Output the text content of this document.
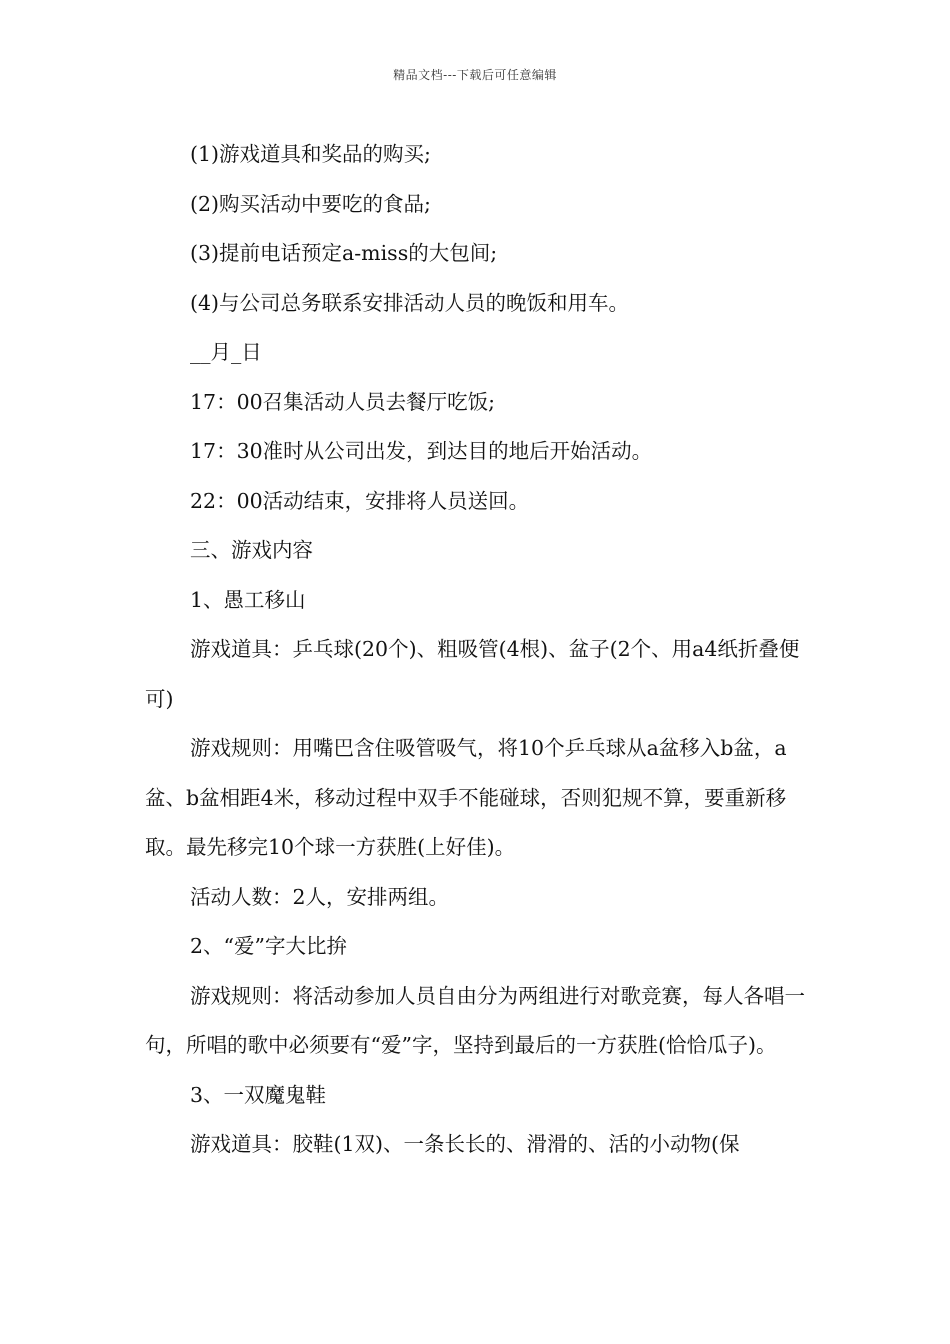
精品文档---下载后可任意编辑

(1)游戏道具和奖品的购买;

(2)购买活动中要吃的食品;

(3)提前电话预定a-miss的大包间;

(4)与公司总务联系安排活动人员的晚饭和用车。

__月_日

17：00召集活动人员去餐厅吃饭;

17：30准时从公司出发，到达目的地后开始活动。

22：00活动结束，安排将人员送回。

三、游戏内容

1、愚工移山

游戏道具：乒乓球(20个)、粗吸管(4根)、盆子(2个、用a4纸折叠便可)

游戏规则：用嘴巴含住吸管吸气，将10个乒乓球从a盆移入b盆，a盆、b盆相距4米，移动过程中双手不能碰球，否则犯规不算，要重新移取。最先移完10个球一方获胜(上好佳)。

活动人数：2人，安排两组。

2、“爱”字大比拚

游戏规则：将活动参加人员自由分为两组进行对歌竞赛，每人各唱一句，所唱的歌中必须要有“爱”字，坚持到最后的一方获胜(恰恰瓜子)。

3、一双魔鬼鞋

游戏道具：胶鞋(1双)、一条长长的、滑滑的、活的小动物(保
